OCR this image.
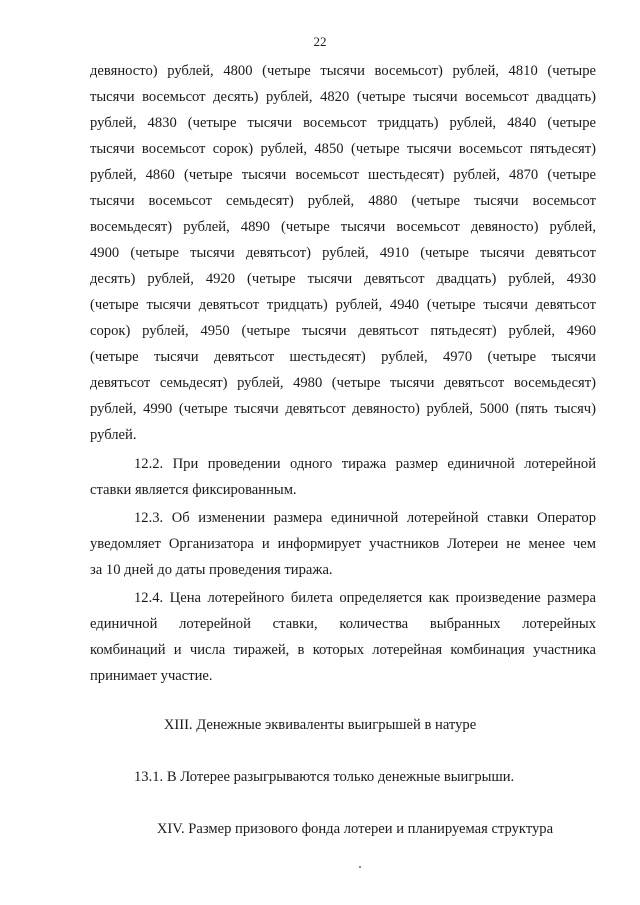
22
девяносто) рублей, 4800 (четыре тысячи восемьсот) рублей, 4810 (четыре
тысячи восемьсот десять) рублей, 4820 (четыре тысячи восемьсот двадцать)
рублей, 4830 (четыре тысячи восемьсот тридцать) рублей, 4840 (четыре
тысячи восемьсот сорок) рублей, 4850 (четыре тысячи восемьсот пятьдесят)
рублей, 4860 (четыре тысячи восемьсот шестьдесят) рублей, 4870 (четыре
тысячи восемьсот семьдесят) рублей, 4880 (четыре тысячи восемьсот
восемьдесят) рублей, 4890 (четыре тысячи восемьсот девяносто) рублей,
4900 (четыре тысячи девятьсот) рублей, 4910 (четыре тысячи девятьсот
десять) рублей, 4920 (четыре тысячи девятьсот двадцать) рублей, 4930
(четыре тысячи девятьсот тридцать) рублей, 4940 (четыре тысячи девятьсот
сорок) рублей, 4950 (четыре тысячи девятьсот пятьдесят) рублей, 4960
(четыре тысячи девятьсот шестьдесят) рублей, 4970 (четыре тысячи
девятьсот семьдесят) рублей, 4980 (четыре тысячи девятьсот восемьдесят)
рублей, 4990 (четыре тысячи девятьсот девяносто) рублей, 5000 (пять тысяч)
рублей.
12.2. При проведении одного тиража размер единичной лотерейной
ставки является фиксированным.
12.3. Об изменении размера единичной лотерейной ставки Оператор
уведомляет Организатора и информирует участников Лотереи не менее чем
за 10 дней до даты проведения тиража.
12.4. Цена лотерейного билета определяется как произведение размера
единичной лотерейной ставки, количества выбранных лотерейных
комбинаций и числа тиражей, в которых лотерейная комбинация участника
принимает участие.
XIII. Денежные эквиваленты выигрышей в натуре
13.1. В Лотерее разыгрываются только денежные выигрыши.
XIV. Размер призового фонда лотереи и планируемая структура
